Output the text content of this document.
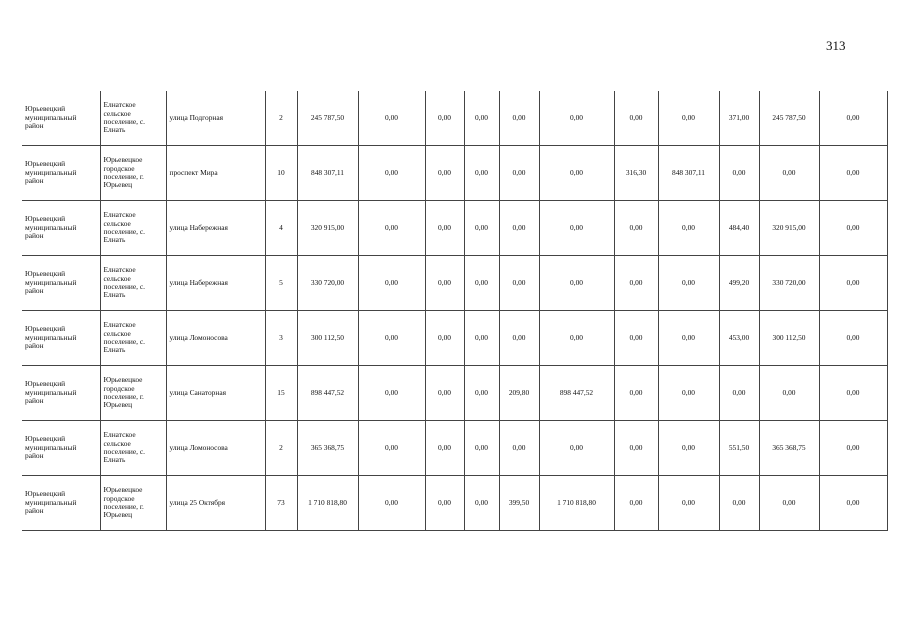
313
Юрьевецкий муниципальный район	Елнатское сельское поселение, с. Елнать	улица Подгорная	2	245 787,50	0,00	0,00	0,00	0,00	0,00	0,00	0,00	371,00	245 787,50	0,00
Юрьевецкий муниципальный район	Юрьевецкое городское поселение, г. Юрьевец	проспект Мира	10	848 307,11	0,00	0,00	0,00	0,00	0,00	316,30	848 307,11	0,00	0,00	0,00
Юрьевецкий муниципальный район	Елнатское сельское поселение, с. Елнать	улица Набережная	4	320 915,00	0,00	0,00	0,00	0,00	0,00	0,00	0,00	484,40	320 915,00	0,00
Юрьевецкий муниципальный район	Елнатское сельское поселение, с. Елнать	улица Набережная	5	330 720,00	0,00	0,00	0,00	0,00	0,00	0,00	0,00	499,20	330 720,00	0,00
Юрьевецкий муниципальный район	Елнатское сельское поселение, с. Елнать	улица Ломоносова	3	300 112,50	0,00	0,00	0,00	0,00	0,00	0,00	0,00	453,00	300 112,50	0,00
Юрьевецкий муниципальный район	Юрьевецкое городское поселение, г. Юрьевец	улица Санаторная	15	898 447,52	0,00	0,00	0,00	209,80	898 447,52	0,00	0,00	0,00	0,00	0,00
Юрьевецкий муниципальный район	Елнатское сельское поселение, с. Елнать	улица Ломоносова	2	365 368,75	0,00	0,00	0,00	0,00	0,00	0,00	0,00	551,50	365 368,75	0,00
Юрьевецкий муниципальный район	Юрьевецкое городское поселение, г. Юрьевец	улица 25 Октября	73	1 710 818,80	0,00	0,00	0,00	399,50	1 710 818,80	0,00	0,00	0,00	0,00	0,00
